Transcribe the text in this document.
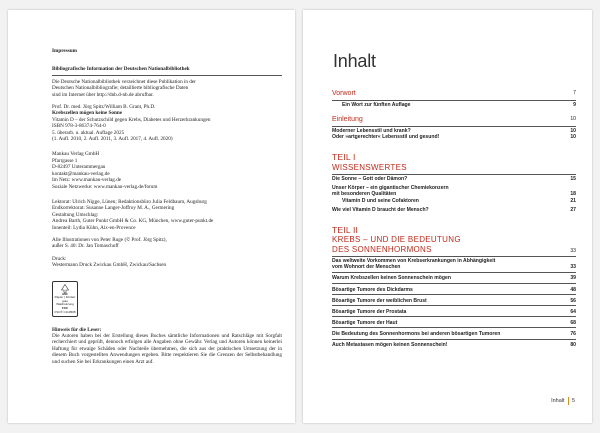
Impressum
Bibliografische Information der Deutschen Nationalbibliothek
Die Deutsche Nationalbibliothek verzeichnet diese Publikation in der
Deutschen Nationalbibliografie; detaillierte bibliografische Daten
sind im Internet über http://dnb.d-nb.de abrufbar.
Prof. Dr. med. Jörg Spitz/William B. Grant, Ph.D.
Krebszellen mögen keine Sonne
Vitamin D – der Schutzschild gegen Krebs, Diabetes und Herzerkrankungen
ISBN 978-3-86374-764-0
5. überarb. u. aktual. Auflage 2025
(1. Aufl. 2010, 2. Aufl. 2011, 3. Aufl. 2017, 4. Aufl. 2020)
Mankau Verlag GmbH
Pfarrgasse 1
D-82497 Unterammergau
kontakt@mankau-verlag.de
Im Netz: www.mankau-verlag.de
Soziale Netzwerke: www.mankau-verlag.de/forum
Lektorat: Ulrich Nigge, Lünen; Redaktionsbüro Julia Feldbaum, Augsburg
Endkorrektorat: Susanne Langer-Joffroy M. A., Germering
Gestaltung Umschlag:
Andrea Barth, Guter Punkt GmbH & Co. KG, München, www.guter-punkt.de
Innenteil: Lydia Kühn, Aix-en-Provence
Alle Illustrationen von Peter Ruge (© Prof. Jörg Spitz),
außer S. 40: Dr. Jan Tomaschoff
Druck:
Westermann Druck Zwickau GmbH, Zwickau/Sachsen
MIX
Papier | Fördert
gute Waldnutzung
FSC
FSC® C110508
Hinweis für die Leser:
Die Autoren haben bei der Erstellung dieses Buches sämtliche Informationen und Ratschläge mit Sorgfalt recherchiert und geprüft, dennoch erfolgen alle Angaben ohne Gewähr. Verlag und Autoren können keinerlei Haftung für etwaige Schäden oder Nachteile übernehmen, die sich aus der praktischen Umsetzung der in diesem Buch vorgestellten Anwendungen ergeben. Bitte respektieren Sie die Grenzen der Selbstbehandlung und suchen Sie bei Erkrankungen einen Arzt auf.
Inhalt
Vorwort	7
Ein Wort zur fünften Auflage	9
Einleitung	10
Moderner Lebensstil und krank?	10
Oder »artgerechter« Lebensstil und gesund!	10
TEIL I
WISSENSWERTES
Die Sonne – Gott oder Dämon?	15
Unser Körper – ein gigantischer Chemiekonzern
mit besonderen Qualitäten	18
Vitamin D und seine Cofaktoren	21
Wie viel Vitamin D braucht der Mensch?	27
TEIL II
KREBS – UND DIE BEDEUTUNG
DES SONNENHORMONS	33
Das weltweite Vorkommen von Krebserkrankungen in Abhängigkeit
vom Wohnort der Menschen	33
Warum Krebszellen keinen Sonnenschein mögen	39
Bösartige Tumore des Dickdarms	48
Bösartige Tumore der weiblichen Brust	56
Bösartige Tumore der Prostata	64
Bösartige Tumore der Haut	68
Die Bedeutung des Sonnenhormons bei anderen bösartigen Tumoren	76
Auch Metastasen mögen keinen Sonnenschein!	80
Inhalt 5
